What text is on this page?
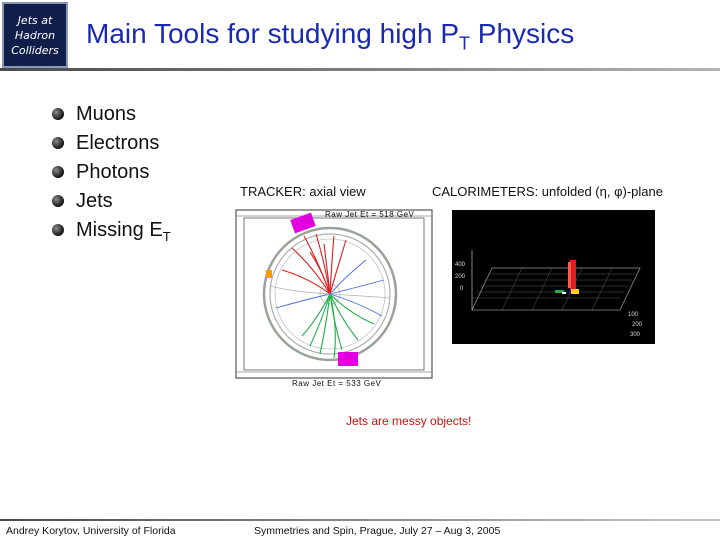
Jets at
Hadron
Colliders
Main Tools for studying high $P_T$ Physics
Muons
Electrons
Photons
Jets
Missing $E_T$
TRACKER: axial view	CALORIMETERS: unfolded (η, φ)-plane
Raw Jet Et = 518 GeV
Raw Jet Et = 533 GeV
400
200
0
100
200
300
Jets are messy objects!
Andrey Korytov, University of Florida	Symmetries and Spin, Prague, July 27 – Aug 3, 2005
